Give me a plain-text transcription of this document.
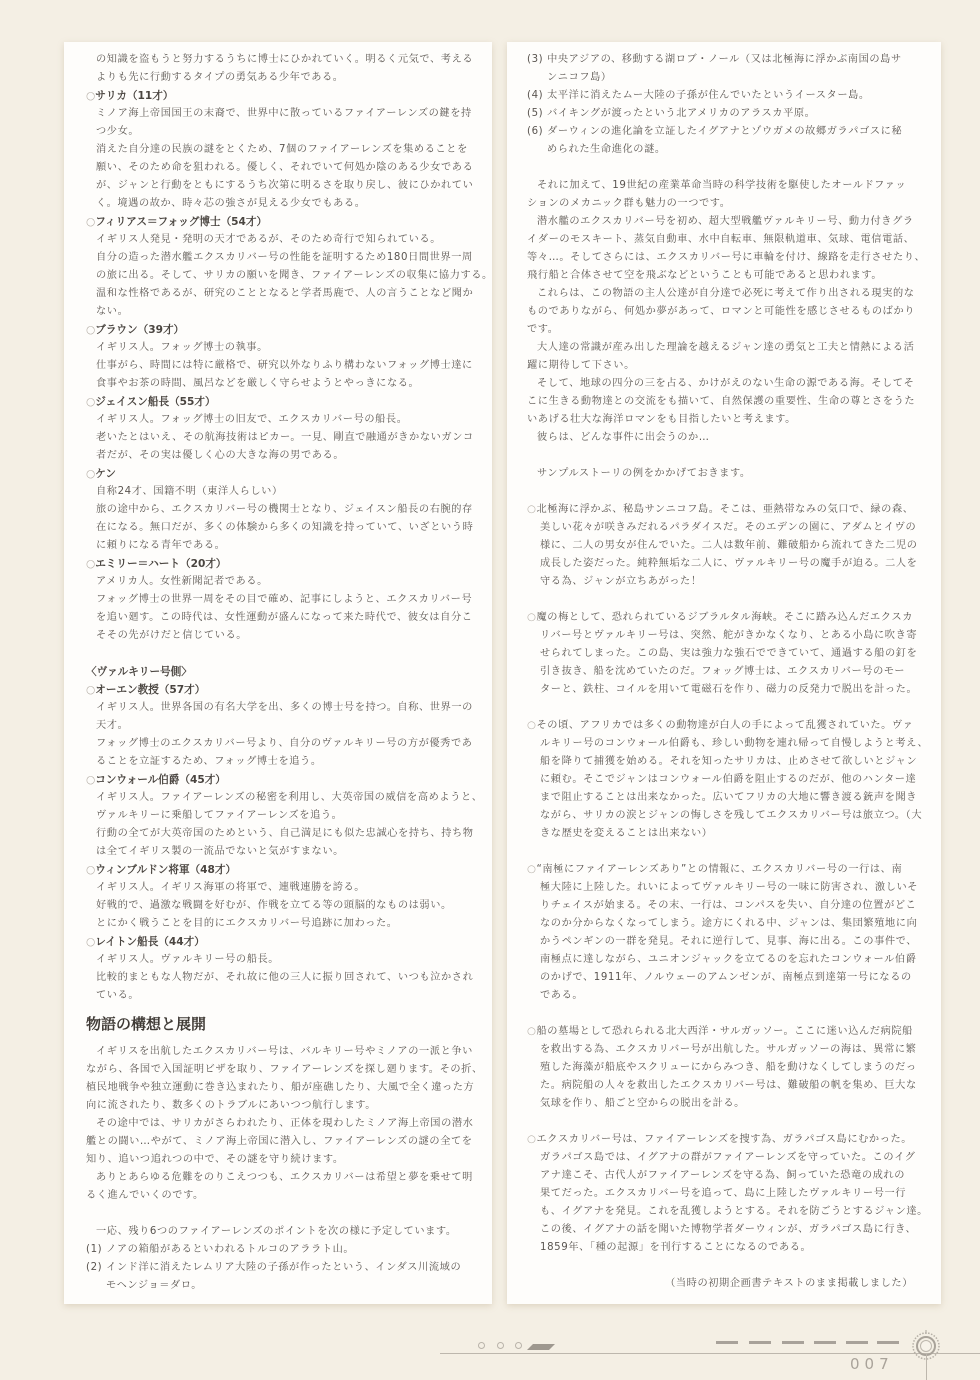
の知識を盗もうと努力するうちに博士にひかれていく。明るく元気で、考える
よりも先に行動するタイプの勇気ある少年である。
○サリカ（11才）
ミノア海上帝国国王の末裔で、世界中に散っているファイアーレンズの鍵を持
つ少女。
消えた自分達の民族の謎をとくため、7個のファイアーレンズを集めることを
願い、そのため命を狙われる。優しく、それでいて何処か陰のある少女である
が、ジャンと行動をともにするうち次第に明るさを取り戻し、彼にひかれてい
く。境遇の故か、時々芯の強さが見える少女でもある。
○フィリアス＝フォッグ博士（54才）
イギリス人発見・発明の天才であるが、そのため奇行で知られている。
自分の造った潜水艦エクスカリバー号の性能を証明するため180日間世界一周
の旅に出る。そして、サリカの願いを聞き、ファイアーレンズの収集に協力する。
温和な性格であるが、研究のこととなると学者馬鹿で、人の言うことなど聞か
ない。
○ブラウン（39才）
イギリス人。フォッグ博士の執事。
仕事がら、時間には特に厳格で、研究以外なりふり構わないフォッグ博士達に
食事やお茶の時間、風呂などを厳しく守らせようとやっきになる。
○ジェイスン船長（55才）
イギリス人。フォッグ博士の旧友で、エクスカリバー号の船長。
老いたとはいえ、その航海技術はピカー。一見、剛直で融通がきかないガンコ
者だが、その実は優しく心の大きな海の男である。
○ケン
自称24才、国籍不明（東洋人らしい）
旅の途中から、エクスカリバー号の機関士となり、ジェイスン船長の右腕的存
在になる。無口だが、多くの体験から多くの知識を持っていて、いざという時
に頼りになる青年である。
○エミリー＝ハート（20才）
アメリカ人。女性新聞記者である。
フォッグ博士の世界一周をその目で確め、記事にしようと、エクスカリバー号
を追い廻す。この時代は、女性運動が盛んになって来た時代で、彼女は自分こ
そその先がけだと信じている。
〈ヴァルキリー号側〉
○オーエン教授（57才）
イギリス人。世界各国の有名大学を出、多くの博士号を持つ。自称、世界一の
天才。
フォッグ博士のエクスカリバー号より、自分のヴァルキリー号の方が優秀であ
ることを立証するため、フォッグ博士を追う。
○コンウォール伯爵（45才）
イギリス人。ファイアーレンズの秘密を利用し、大英帝国の威信を高めようと、
ヴァルキリーに乗船してファイアーレンズを追う。
行動の全てが大英帝国のためという、自己満足にも似た忠誠心を持ち、持ち物
は全てイギリス製の一流品でないと気がすまない。
○ウィンブルドン将軍（48才）
イギリス人。イギリス海軍の将軍で、連戦連勝を誇る。
好戦的で、過激な戦闘を好むが、作戦を立てる等の頭脳的なものは弱い。
とにかく戦うことを目的にエクスカリバー号追跡に加わった。
○レイトン船長（44才）
イギリス人。ヴァルキリー号の船長。
比較的まともな人物だが、それ故に他の三人に振り回されて、いつも泣かされ
ている。
物語の構想と展開
イギリスを出航したエクスカリバー号は、バルキリー号やミノアの一派と争い
ながら、各国で入国証明ビザを取り、ファイアーレンズを探し廻ります。その折、
植民地戦争や独立運動に巻き込まれたり、船が座礁したり、大風で全く違った方
向に流されたり、数多くのトラブルにあいつつ航行します。
その途中では、サリカがさらわれたり、正体を現わしたミノア海上帝国の潜水
艦との闘い…やがて、ミノア海上帝国に潜入し、ファイアーレンズの謎の全てを
知り、追いつ追れつの中で、その謎を守り続けます。
ありとあらゆる危難をのりこえつつも、エクスカリバーは希望と夢を乗せて明
るく進んでいくのです。
一応、残り6つのファイアーレンズのポイントを次の様に予定しています。
(1) ノアの箱船があるといわれるトルコのアララト山。
(2) インド洋に消えたレムリア大陸の子孫が作ったという、インダス川流域の
モヘンジョ＝ダロ。
(3) 中央アジアの、移動する湖ロブ・ノール（又は北極海に浮かぶ南国の島サ
ンニコフ島）
(4) 太平洋に消えたムー大陸の子孫が住んでいたというイースター島。
(5) バイキングが渡ったという北アメリカのアラスカ平原。
(6) ダーウィンの進化論を立証したイグアナとゾウガメの故郷ガラパゴスに秘
められた生命進化の謎。
それに加えて、19世紀の産業革命当時の科学技術を駆使したオールドファッ
ションのメカニック群も魅力の一つです。
潜水艦のエクスカリバー号を初め、超大型戦艦ヴァルキリー号、動力付きグラ
イダーのモスキート、蒸気自動車、水中自転車、無限軌道車、気球、電信電話、
等々…。そしてさらには、エクスカリバー号に車輪を付け、線路を走行させたり、
飛行船と合体させて空を飛ぶなどということも可能であると思われます。
これらは、この物語の主人公達が自分達で必死に考えて作り出される現実的な
ものでありながら、何処か夢があって、ロマンと可能性を感じさせるものばかり
です。
大人達の常識が産み出した理論を越えるジャン達の勇気と工夫と情熱による活
躍に期待して下さい。
そして、地球の四分の三を占る、かけがえのない生命の源である海。そしてそ
こに生きる動物達との交流をも描いて、自然保護の重要性、生命の尊とさをうた
いあげる壮大な海洋ロマンをも目指したいと考えます。
彼らは、どんな事件に出会うのか…
サンプルストーリの例をかかげておきます。
○北極海に浮かぶ、秘島サンニコフ島。そこは、亜熱帯なみの気口で、緑の森、
美しい花々が咲きみだれるパラダイスだ。そのエデンの園に、アダムとイヴの
様に、二人の男女が住んでいた。二人は数年前、難破船から流れてきた二児の
成長した姿だった。純粋無垢な二人に、ヴァルキリー号の魔手が迫る。二人を
守る為、ジャンが立ちあがった！
○魔の梅として、恐れられているジブラルタル海峡。そこに踏み込んだエクスカ
リバー号とヴァルキリー号は、突然、舵がきかなくなり、とある小島に吹き寄
せられてしまった。この島、実は強力な強石でできていて、通過する船の釘を
引き抜き、船を沈めていたのだ。フォッグ博士は、エクスカリバー号のモー
ターと、鉄柱、コイルを用いて電磁石を作り、磁力の反発力で脱出を計った。
○その頃、アフリカでは多くの動物達が白人の手によって乱獲されていた。ヴァ
ルキリー号のコンウォール伯爵も、珍しい動物を連れ帰って自慢しようと考え、
船を降りて捕獲を始める。それを知ったサリカは、止めさせて欲しいとジャン
に頼む。そこでジャンはコンウォール伯爵を阻止するのだが、他のハンター達
まで阻止することは出来なかった。広いてフリカの大地に響き渡る銃声を聞き
ながら、サリカの涙とジャンの悔しさを残してエクスカリバー号は旅立つ。（大
きな歴史を変えることは出来ない）
○“南極にファイアーレンズあり”との情報に、エクスカリバー号の一行は、南
極大陸に上陸した。れいによってヴァルキリー号の一味に防害され、激しいそ
りチェイスが始まる。その末、一行は、コンパスを失い、自分達の位置がどこ
なのか分からなくなってしまう。途方にくれる中、ジャンは、集団繁殖地に向
かうペンギンの一群を発見。それに逆行して、見事、海に出る。この事件で、
南極点に達しながら、ユニオンジャックを立てるのを忘れたコンウォール伯爵
のかげで、1911年、ノルウェーのアムンゼンが、南極点到達第一号になるの
である。
○船の墓場として恐れられる北大西洋・サルガッソー。ここに迷い込んだ病院船
を救出する為、エクスカリバー号が出航した。サルガッソーの海は、異常に繁
殖した海藻が船底やスクリューにからみつき、船を動けなくしてしまうのだっ
た。病院船の人々を救出したエクスカリバー号は、難破船の帆を集め、巨大な
気球を作り、船ごと空からの脱出を計る。
○エクスカリバー号は、ファイアーレンズを捜す為、ガラパゴス島にむかった。
ガラパゴス島では、イグアナの群がファイアーレンズを守っていた。このイグ
アナ達こそ、古代人がファイアーレンズを守る為、飼っていた恐竜の成れの
果てだった。エクスカリバー号を追って、島に上陸したヴァルキリー号一行
も、イグアナを発見。これを乱獲しようとする。それを防ごうとするジャン達。
この後、イグアナの話を聞いた博物学者ダーウィンが、ガラパゴス島に行き、
1859年、「種の起源」を刊行することになるのである。
（当時の初期企画書テキストのまま掲載しました）
007
